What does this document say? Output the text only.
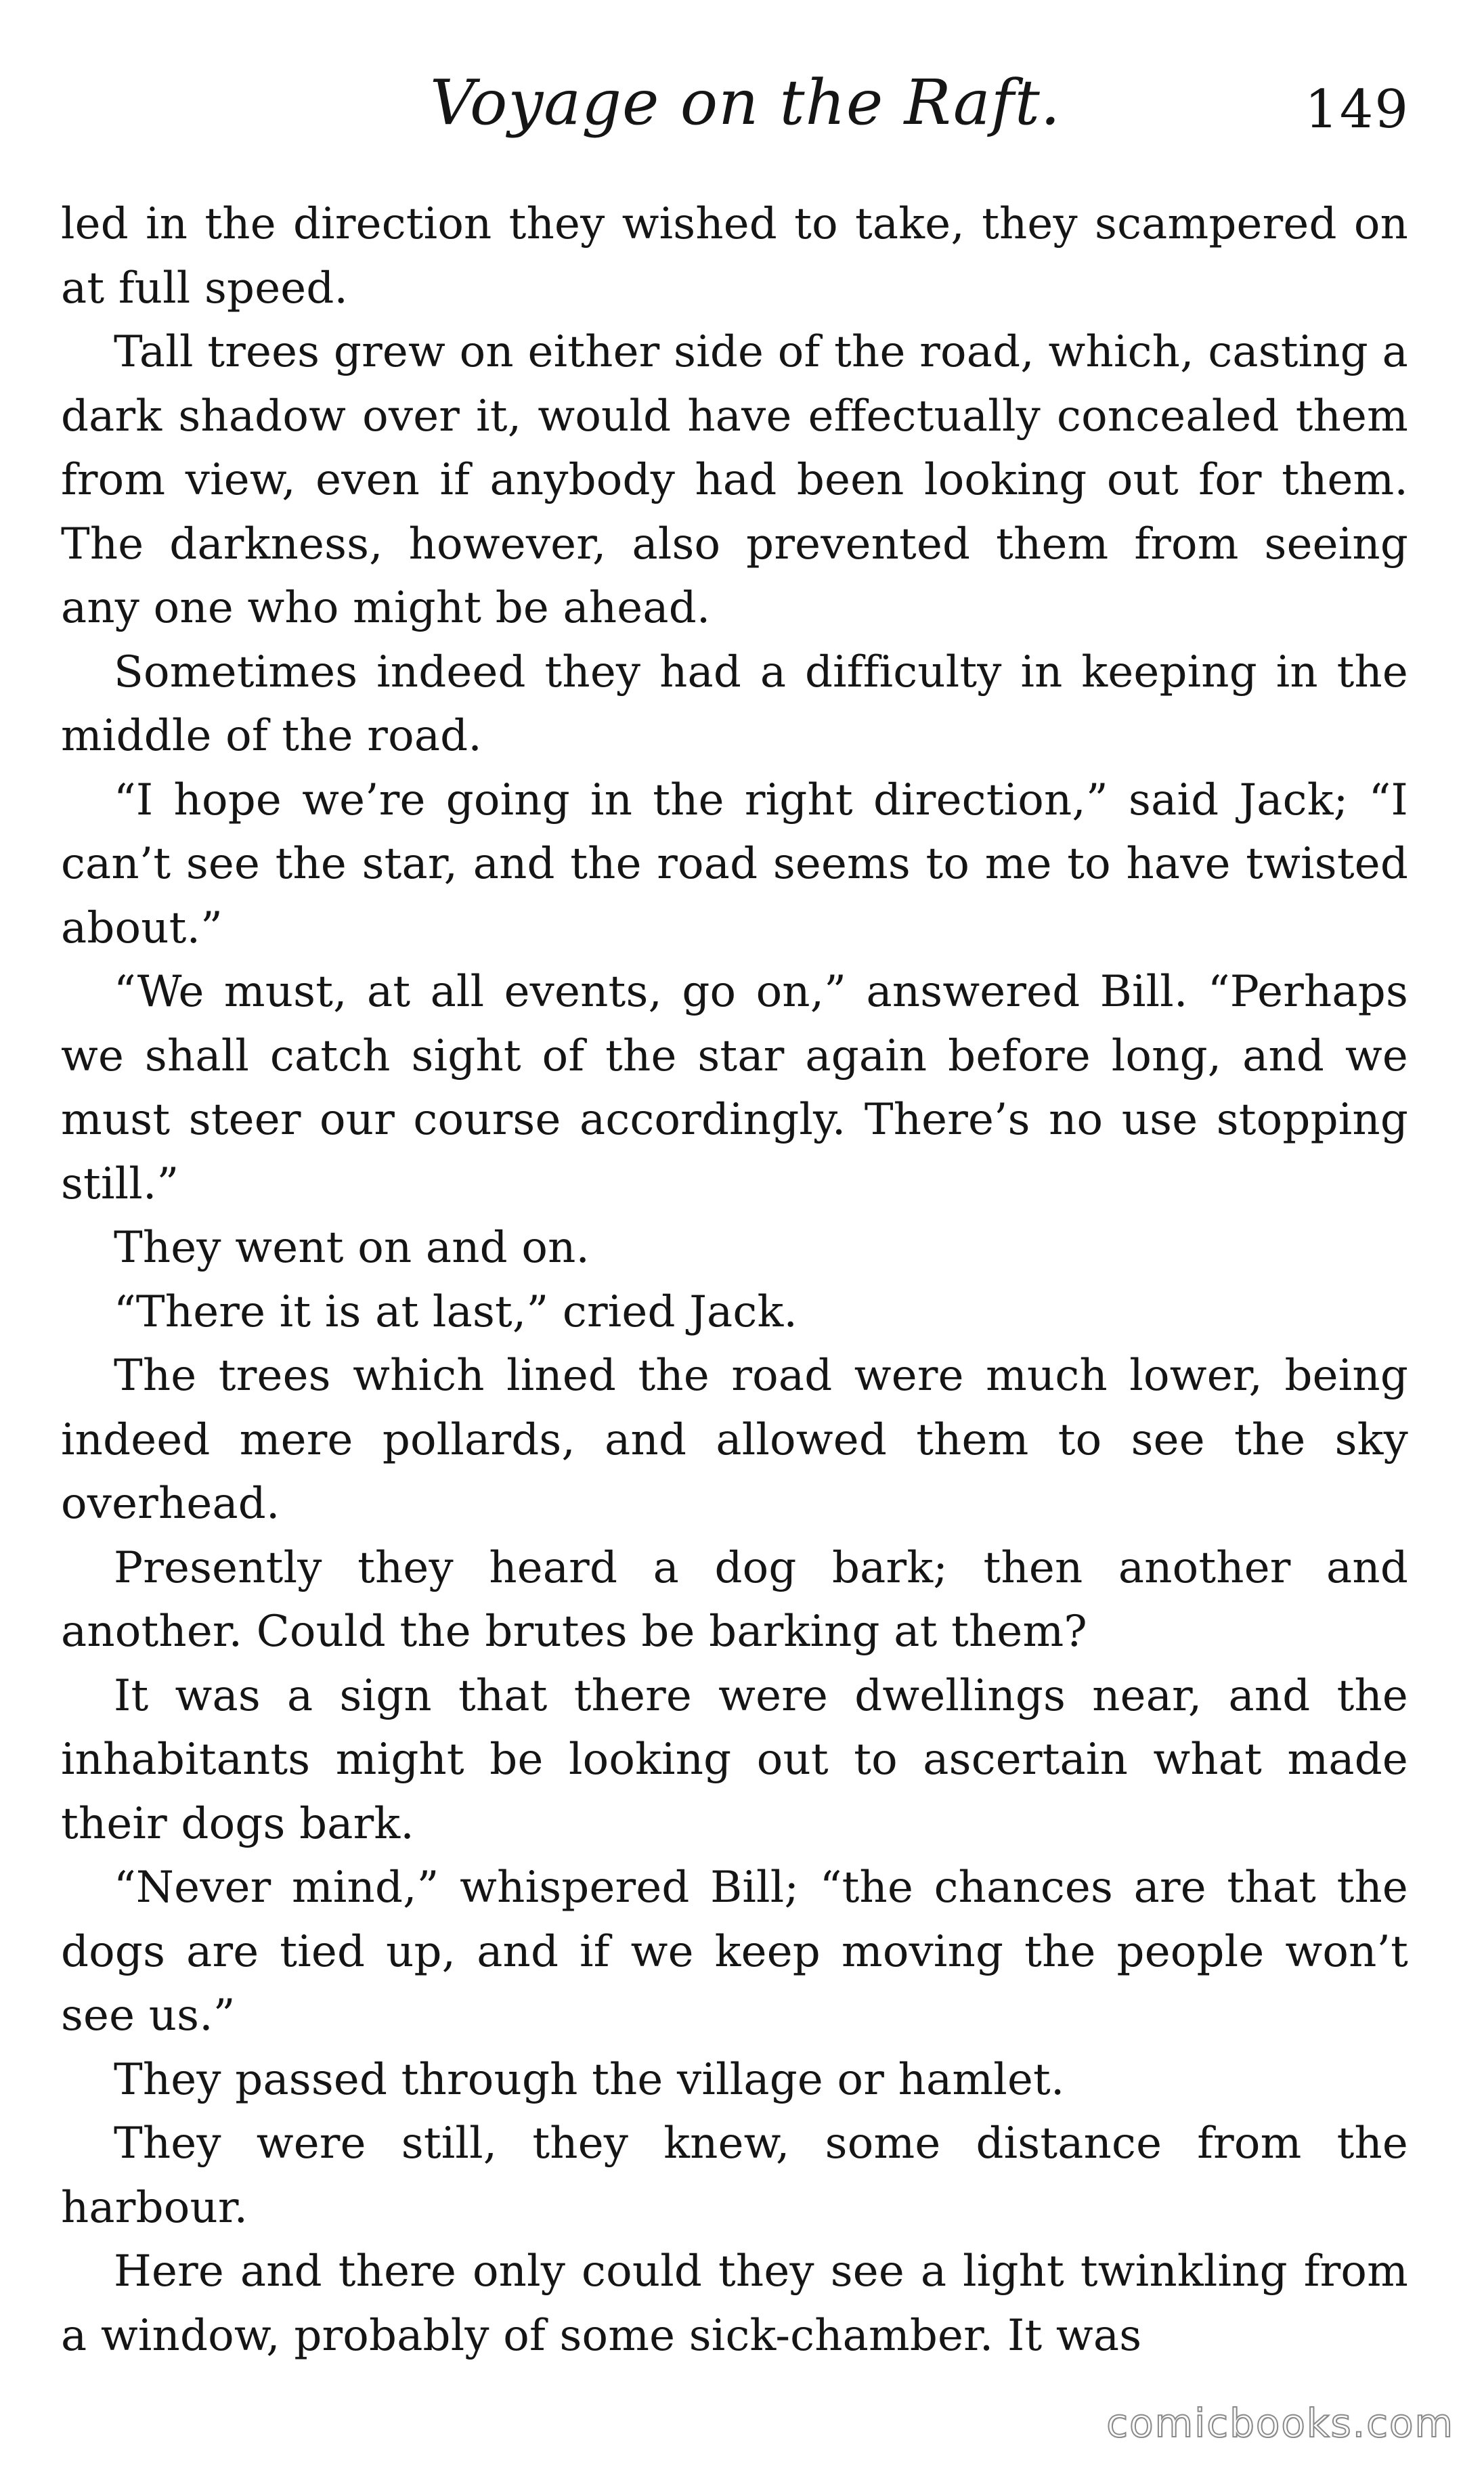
Voyage on the Raft.	149

led in the direction they wished to take, they scampered on at full speed.

Tall trees grew on either side of the road, which, casting a dark shadow over it, would have effectually concealed them from view, even if anybody had been looking out for them. The darkness, however, also prevented them from seeing any one who might be ahead.

Sometimes indeed they had a difficulty in keeping in the middle of the road.

“I hope we’re going in the right direction,” said Jack; “I can’t see the star, and the road seems to me to have twisted about.”

“We must, at all events, go on,” answered Bill. “Perhaps we shall catch sight of the star again before long, and we must steer our course accordingly. There’s no use stopping still.”

They went on and on.

“There it is at last,” cried Jack.

The trees which lined the road were much lower, being indeed mere pollards, and allowed them to see the sky overhead.

Presently they heard a dog bark; then another and another. Could the brutes be barking at them?

It was a sign that there were dwellings near, and the inhabitants might be looking out to ascertain what made their dogs bark.

“Never mind,” whispered Bill; “the chances are that the dogs are tied up, and if we keep moving the people won’t see us.”

They passed through the village or hamlet.

They were still, they knew, some distance from the harbour.

Here and there only could they see a light twinkling from a window, probably of some sick-chamber. It was

comicbooks.com
